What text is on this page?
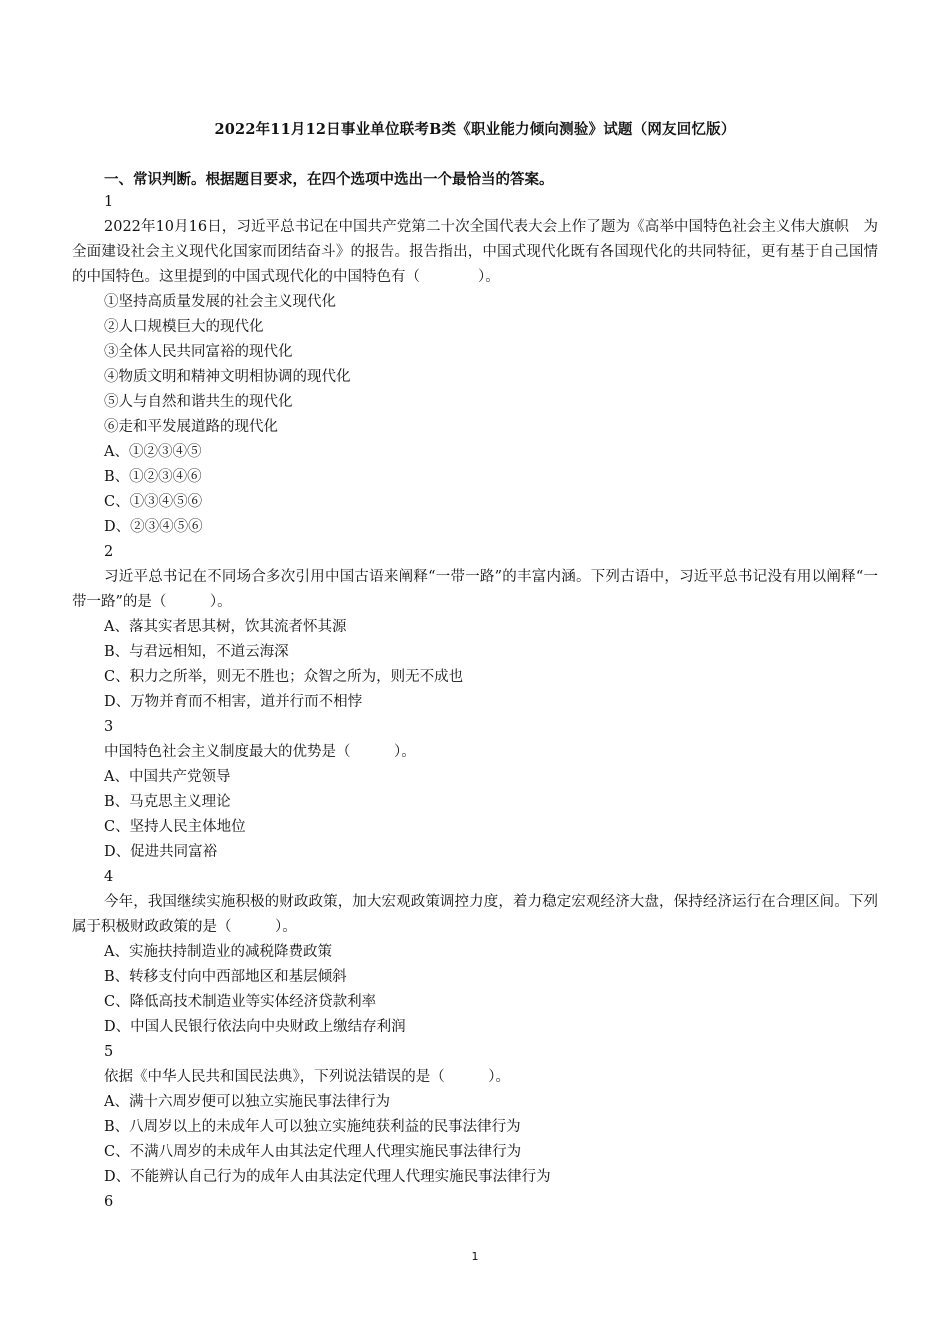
2022年11月12日事业单位联考B类《职业能力倾向测验》试题（网友回忆版）
一、常识判断。根据题目要求，在四个选项中选出一个最恰当的答案。
1
2022年10月16日，习近平总书记在中国共产党第二十次全国代表大会上作了题为《高举中国特色社会主义伟大旗帜　为全面建设社会主义现代化国家而团结奋斗》的报告。报告指出，中国式现代化既有各国现代化的共同特征，更有基于自己国情的中国特色。这里提到的中国式现代化的中国特色有（　　　　）。
①坚持高质量发展的社会主义现代化
②人口规模巨大的现代化
③全体人民共同富裕的现代化
④物质文明和精神文明相协调的现代化
⑤人与自然和谐共生的现代化
⑥走和平发展道路的现代化
A、①②③④⑤
B、①②③④⑥
C、①③④⑤⑥
D、②③④⑤⑥
2
习近平总书记在不同场合多次引用中国古语来阐释“一带一路”的丰富内涵。下列古语中，习近平总书记没有用以阐释“一带一路”的是（　　　）。
A、落其实者思其树，饮其流者怀其源
B、与君远相知，不道云海深
C、积力之所举，则无不胜也；众智之所为，则无不成也
D、万物并育而不相害，道并行而不相悖
3
中国特色社会主义制度最大的优势是（　　　）。
A、中国共产党领导
B、马克思主义理论
C、坚持人民主体地位
D、促进共同富裕
4
今年，我国继续实施积极的财政政策，加大宏观政策调控力度，着力稳定宏观经济大盘，保持经济运行在合理区间。下列属于积极财政政策的是（　　　）。
A、实施扶持制造业的减税降费政策
B、转移支付向中西部地区和基层倾斜
C、降低高技术制造业等实体经济贷款利率
D、中国人民银行依法向中央财政上缴结存利润
5
依据《中华人民共和国民法典》，下列说法错误的是（　　　）。
A、满十六周岁便可以独立实施民事法律行为
B、八周岁以上的未成年人可以独立实施纯获利益的民事法律行为
C、不满八周岁的未成年人由其法定代理人代理实施民事法律行为
D、不能辨认自己行为的成年人由其法定代理人代理实施民事法律行为
6
1
